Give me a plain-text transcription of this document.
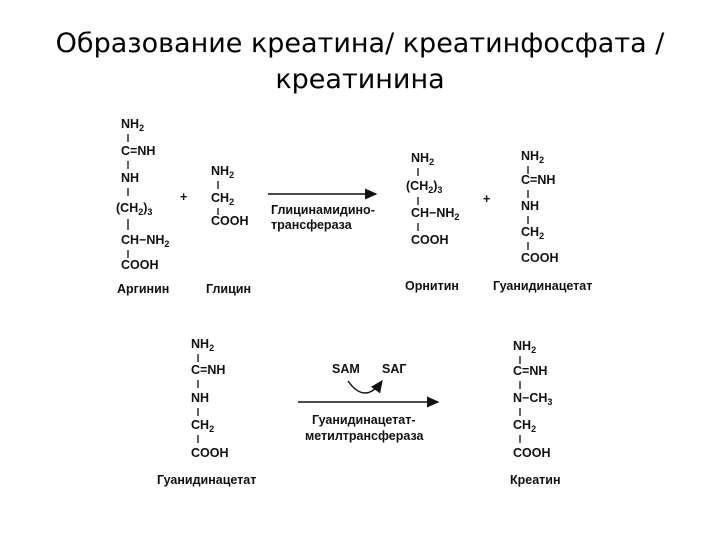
Образование креатина/ креатинфосфата /
креатинина
$NH_2$
C=NH
NH
$(CH_2)_3$
$CH-NH_2$
COOH
Аргинин
+
$NH_2$
$CH_2$
COOH
Глицин
Глицинамидино-
трансфераза
$NH_2$
$(CH_2)_3$
$CH-NH_2$
COOH
Орнитин
+
$NH_2$
C=NH
NH
$CH_2$
COOH
Гуанидинацетат
$NH_2$
C=NH
NH
$CH_2$
COOH
Гуанидинацетат
SAM SAГ
Гуанидинацетат-
метилтрансфераза
$NH_2$
C=NH
$N-CH_3$
$CH_2$
COOH
Креатин
